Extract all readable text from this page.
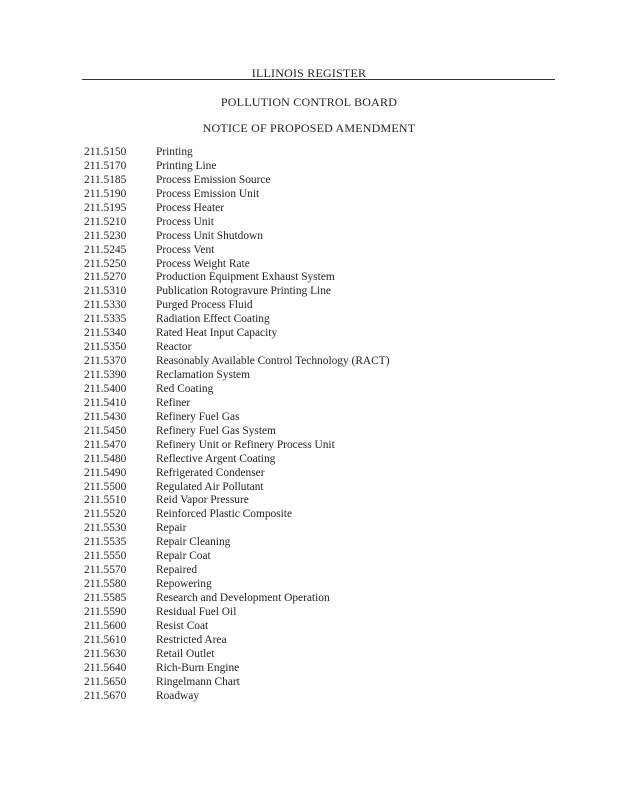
ILLINOIS REGISTER
POLLUTION CONTROL BOARD
NOTICE OF PROPOSED AMENDMENT
211.5150	Printing
211.5170	Printing Line
211.5185	Process Emission Source
211.5190	Process Emission Unit
211.5195	Process Heater
211.5210	Process Unit
211.5230	Process Unit Shutdown
211.5245	Process Vent
211.5250	Process Weight Rate
211.5270	Production Equipment Exhaust System
211.5310	Publication Rotogravure Printing Line
211.5330	Purged Process Fluid
211.5335	Radiation Effect Coating
211.5340	Rated Heat Input Capacity
211.5350	Reactor
211.5370	Reasonably Available Control Technology (RACT)
211.5390	Reclamation System
211.5400	Red Coating
211.5410	Refiner
211.5430	Refinery Fuel Gas
211.5450	Refinery Fuel Gas System
211.5470	Refinery Unit or Refinery Process Unit
211.5480	Reflective Argent Coating
211.5490	Refrigerated Condenser
211.5500	Regulated Air Pollutant
211.5510	Reid Vapor Pressure
211.5520	Reinforced Plastic Composite
211.5530	Repair
211.5535	Repair Cleaning
211.5550	Repair Coat
211.5570	Repaired
211.5580	Repowering
211.5585	Research and Development Operation
211.5590	Residual Fuel Oil
211.5600	Resist Coat
211.5610	Restricted Area
211.5630	Retail Outlet
211.5640	Rich-Burn Engine
211.5650	Ringelmann Chart
211.5670	Roadway
